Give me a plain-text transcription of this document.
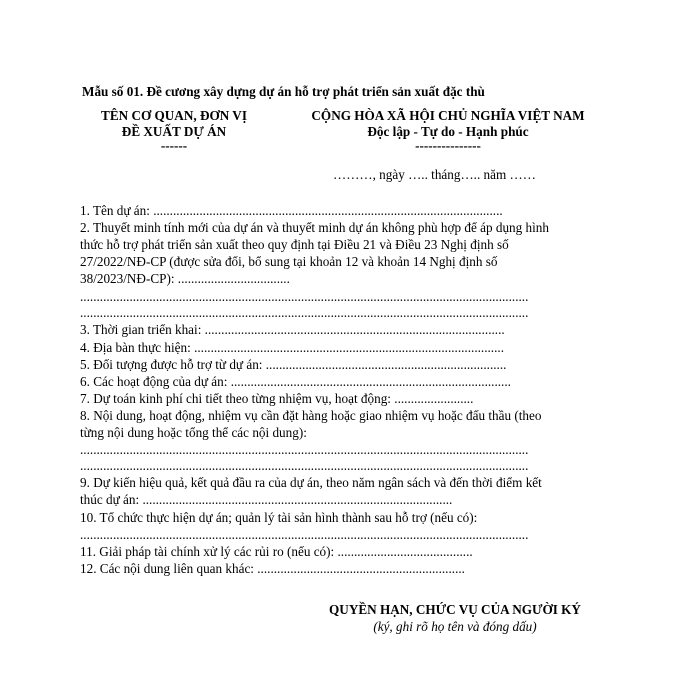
Mẫu số 01. Đề cương xây dựng dự án hỗ trợ phát triển sản xuất đặc thù
TÊN CƠ QUAN, ĐƠN VỊ
ĐỀ XUẤT DỰ ÁN
------
CỘNG HÒA XÃ HỘI CHỦ NGHĨA VIỆT NAM
Độc lập - Tự do - Hạnh phúc
---------------
………, ngày ….. tháng….. năm ……
1. Tên dự án: ..........................................................................................................
2. Thuyết minh tính mới của dự án và thuyết minh dự án không phù hợp để áp dụng hình
thức hỗ trợ phát triển sản xuất theo quy định tại Điều 21 và Điều 23 Nghị định số
27/2022/NĐ-CP (được sửa đổi, bổ sung tại khoản 12 và khoản 14 Nghị định số
38/2023/NĐ-CP): ..................................
........................................................................................................................................
........................................................................................................................................
3. Thời gian triển khai: ...........................................................................................
4. Địa bàn thực hiện: ..............................................................................................
5. Đối tượng được hỗ trợ từ dự án: .........................................................................
6. Các hoạt động của dự án: .....................................................................................
7. Dự toán kinh phí chi tiết theo từng nhiệm vụ, hoạt động: ........................
8. Nội dung, hoạt động, nhiệm vụ cần đặt hàng hoặc giao nhiệm vụ hoặc đấu thầu (theo
từng nội dung hoặc tổng thể các nội dung):
........................................................................................................................................
........................................................................................................................................
9. Dự kiến hiệu quả, kết quả đầu ra của dự án, theo năm ngân sách và đến thời điểm kết
thúc dự án: ..............................................................................................
10. Tổ chức thực hiện dự án; quản lý tài sản hình thành sau hỗ trợ (nếu có):
........................................................................................................................................
11. Giải pháp tài chính xử lý các rủi ro (nếu có): .........................................
12. Các nội dung liên quan khác: ...............................................................
QUYỀN HẠN, CHỨC VỤ CỦA NGƯỜI KÝ
(ký, ghi rõ họ tên và đóng dấu)
